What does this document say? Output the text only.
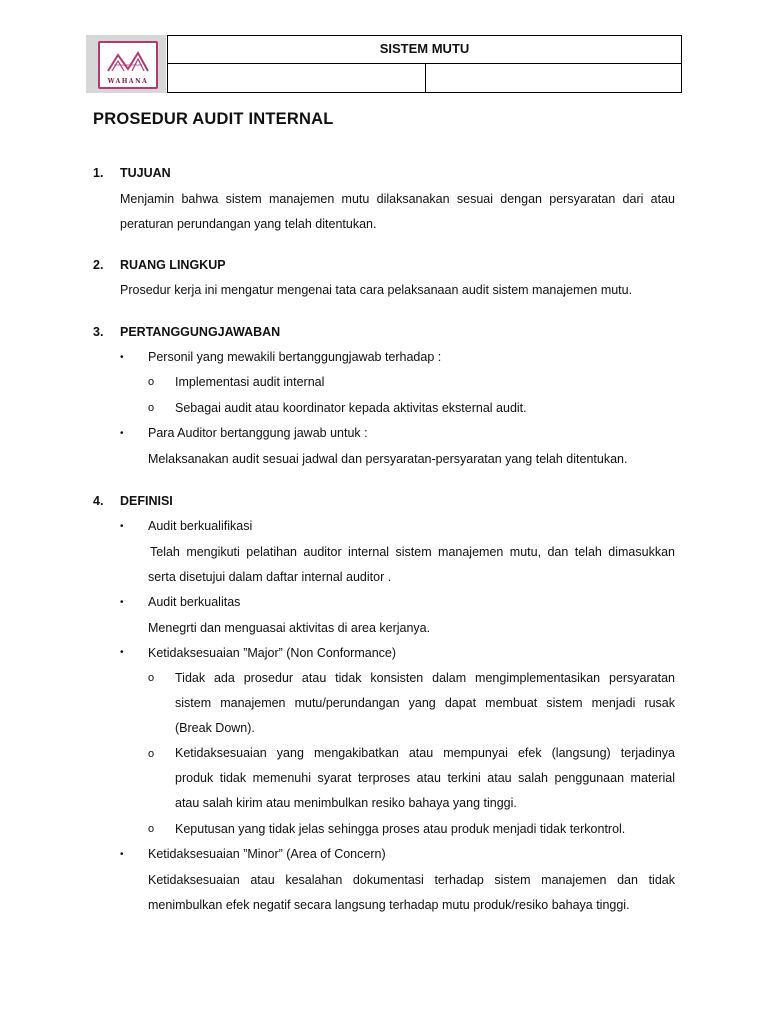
WAHANA
SISTEM MUTU
PROSEDUR AUDIT INTERNAL
1. TUJUAN
Menjamin bahwa sistem manajemen mutu dilaksanakan sesuai dengan persyaratan dari atau
peraturan perundangan yang telah ditentukan.
2. RUANG LINGKUP
Prosedur kerja ini mengatur mengenai tata cara pelaksanaan audit sistem manajemen mutu.
3. PERTANGGUNGJAWABAN
• Personil yang mewakili bertanggungjawab terhadap :
o Implementasi audit internal
o Sebagai audit atau koordinator kepada aktivitas eksternal audit.
• Para Auditor bertanggung jawab untuk :
Melaksanakan audit sesuai jadwal dan persyaratan-persyaratan yang telah ditentukan.
4. DEFINISI
• Audit berkualifikasi
Telah mengikuti pelatihan auditor internal sistem manajemen mutu, dan telah dimasukkan
serta disetujui dalam daftar internal auditor .
• Audit berkualitas
Menegrti dan menguasai aktivitas di area kerjanya.
• Ketidaksesuaian ”Major” (Non Conformance)
o Tidak ada prosedur atau tidak konsisten dalam mengimplementasikan persyaratan
sistem manajemen mutu/perundangan yang dapat membuat sistem menjadi rusak
(Break Down).
o Ketidaksesuaian yang mengakibatkan atau mempunyai efek (langsung) terjadinya
produk tidak memenuhi syarat terproses atau terkini atau salah penggunaan material
atau salah kirim atau menimbulkan resiko bahaya yang tinggi.
o Keputusan yang tidak jelas sehingga proses atau produk menjadi tidak terkontrol.
• Ketidaksesuaian ”Minor” (Area of Concern)
Ketidaksesuaian atau kesalahan dokumentasi terhadap sistem manajemen dan tidak
menimbulkan efek negatif secara langsung terhadap mutu produk/resiko bahaya tinggi.
